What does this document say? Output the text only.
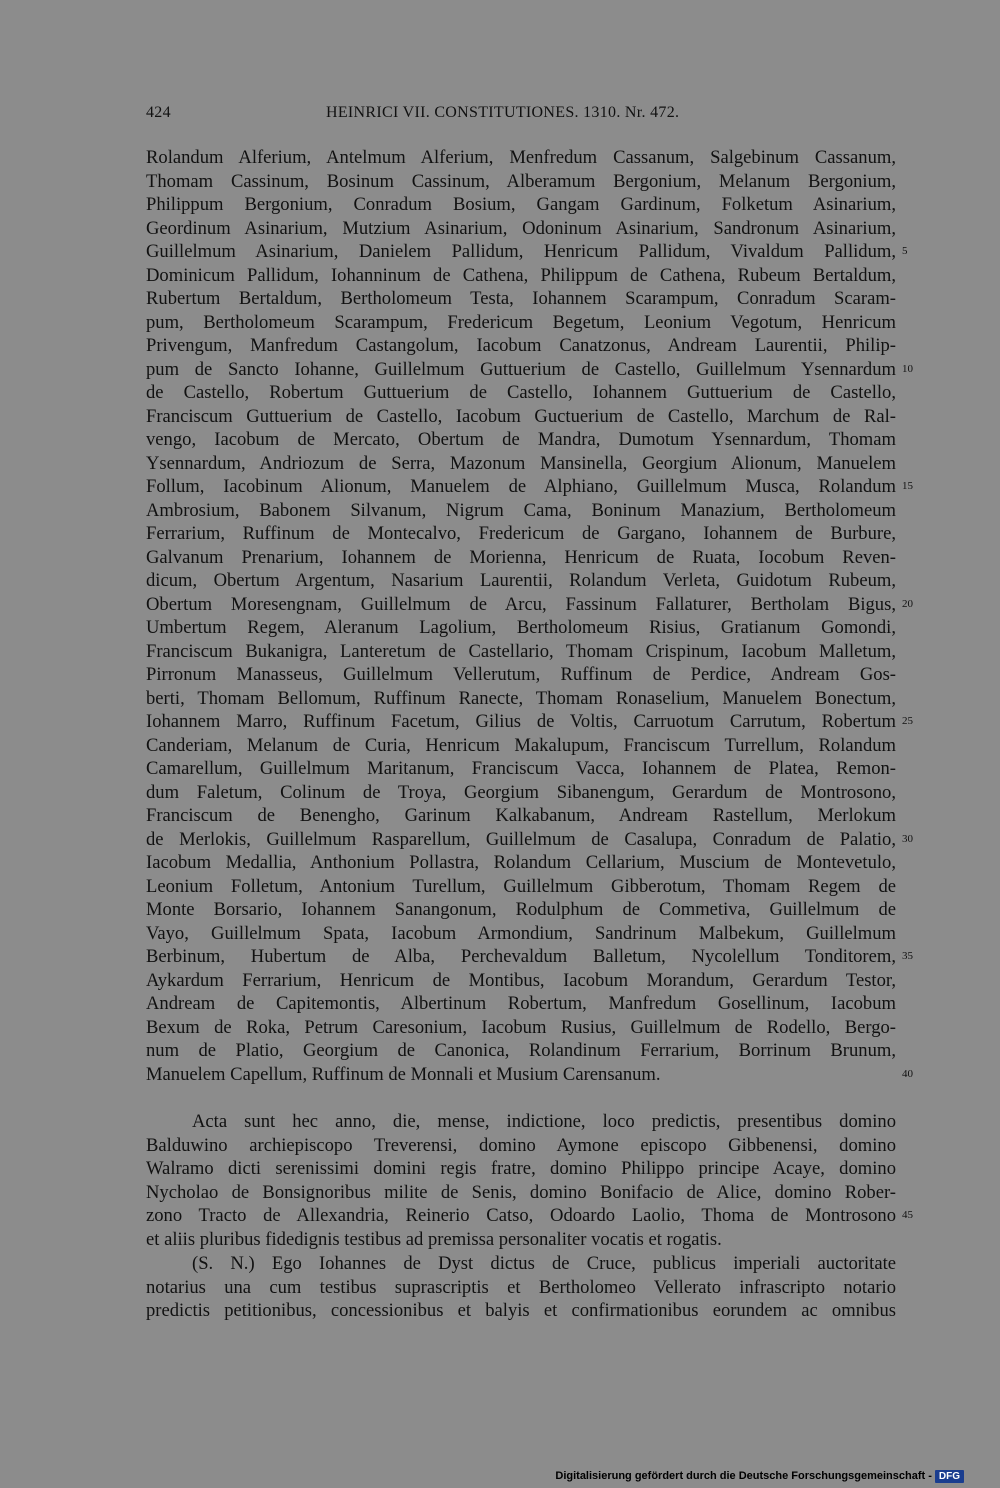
424	HEINRICI VII. CONSTITUTIONES. 1310. Nr. 472.
Rolandum Alferium, Antelmum Alferium, Menfredum Cassanum, Salgebinum Cassanum,
Thomam Cassinum, Bosinum Cassinum, Alberamum Bergonium, Melanum Bergonium,
Philippum Bergonium, Conradum Bosium, Gangam Gardinum, Folketum Asinarium,
Geordinum Asinarium, Mutzium Asinarium, Odoninum Asinarium, Sandronum Asinarium,
Guillelmum Asinarium, Danielem Pallidum, Henricum Pallidum, Vivaldum Pallidum,
Dominicum Pallidum, Iohanninum de Cathena, Philippum de Cathena, Rubeum Bertaldum,
Rubertum Bertaldum, Bertholomeum Testa, Iohannem Scarampum, Conradum Scaram-
pum, Bertholomeum Scarampum, Fredericum Begetum, Leonium Vegotum, Henricum
Privengum, Manfredum Castangolum, Iacobum Canatzonus, Andream Laurentii, Philip-
pum de Sancto Iohanne, Guillelmum Guttuerium de Castello, Guillelmum Ysennardum
de Castello, Robertum Guttuerium de Castello, Iohannem Guttuerium de Castello,
Franciscum Guttuerium de Castello, Iacobum Guctuerium de Castello, Marchum de Ral-
vengo, Iacobum de Mercato, Obertum de Mandra, Dumotum Ysennardum, Thomam
Ysennardum, Andriozum de Serra, Mazonum Mansinella, Georgium Alionum, Manuelem
Follum, Iacobinum Alionum, Manuelem de Alphiano, Guillelmum Musca, Rolandum
Ambrosium, Babonem Silvanum, Nigrum Cama, Boninum Manazium, Bertholomeum
Ferrarium, Ruffinum de Montecalvo, Fredericum de Gargano, Iohannem de Burbure,
Galvanum Prenarium, Iohannem de Morienna, Henricum de Ruata, Iocobum Reven-
dicum, Obertum Argentum, Nasarium Laurentii, Rolandum Verleta, Guidotum Rubeum,
Obertum Moresengnam, Guillelmum de Arcu, Fassinum Fallaturer, Bertholam Bigus,
Umbertum Regem, Aleranum Lagolium, Bertholomeum Risius, Gratianum Gomondi,
Franciscum Bukanigra, Lanteretum de Castellario, Thomam Crispinum, Iacobum Malletum,
Pirronum Manasseus, Guillelmum Vellerutum, Ruffinum de Perdice, Andream Gos-
berti, Thomam Bellomum, Ruffinum Ranecte, Thomam Ronaselium, Manuelem Bonectum,
Iohannem Marro, Ruffinum Facetum, Gilius de Voltis, Carruotum Carrutum, Robertum
Canderiam, Melanum de Curia, Henricum Makalupum, Franciscum Turrellum, Rolandum
Camarellum, Guillelmum Maritanum, Franciscum Vacca, Iohannem de Platea, Remon-
dum Faletum, Colinum de Troya, Georgium Sibanengum, Gerardum de Montrosono,
Franciscum de Benengho, Garinum Kalkabanum, Andream Rastellum, Merlokum
de Merlokis, Guillelmum Rasparellum, Guillelmum de Casalupa, Conradum de Palatio,
Iacobum Medallia, Anthonium Pollastra, Rolandum Cellarium, Muscium de Montevetulo,
Leonium Folletum, Antonium Turellum, Guillelmum Gibberotum, Thomam Regem de
Monte Borsario, Iohannem Sanangonum, Rodulphum de Commetiva, Guillelmum de
Vayo, Guillelmum Spata, Iacobum Armondium, Sandrinum Malbekum, Guillelmum
Berbinum, Hubertum de Alba, Perchevaldum Balletum, Nycolellum Tonditorem,
Aykardum Ferrarium, Henricum de Montibus, Iacobum Morandum, Gerardum Testor,
Andream de Capitemontis, Albertinum Robertum, Manfredum Gosellinum, Iacobum
Bexum de Roka, Petrum Caresonium, Iacobum Rusius, Guillelmum de Rodello, Bergo-
num de Platio, Georgium de Canonica, Rolandinum Ferrarium, Borrinum Brunum,
Manuelem Capellum, Ruffinum de Monnali et Musium Carensanum.
Acta sunt hec anno, die, mense, indictione, loco predictis, presentibus domino
Balduwino archiepiscopo Treverensi, domino Aymone episcopo Gibbenensi, domino
Walramo dicti serenissimi domini regis fratre, domino Philippo principe Acaye, domino
Nycholao de Bonsignoribus milite de Senis, domino Bonifacio de Alice, domino Rober-
zono Tracto de Allexandria, Reinerio Catso, Odoardo Laolio, Thoma de Montrosono
et aliis pluribus fidedignis testibus ad premissa personaliter vocatis et rogatis.
(S. N.) Ego Iohannes de Dyst dictus de Cruce, publicus imperiali auctoritate
notarius una cum testibus suprascriptis et Bertholomeo Vellerato infrascripto notario
predictis petitionibus, concessionibus et balyis et confirmationibus eorundem ac omnibus
5
10
15
20
25
30
35
40
45
Digitalisierung gefördert durch die Deutsche Forschungsgemeinschaft - DFG
